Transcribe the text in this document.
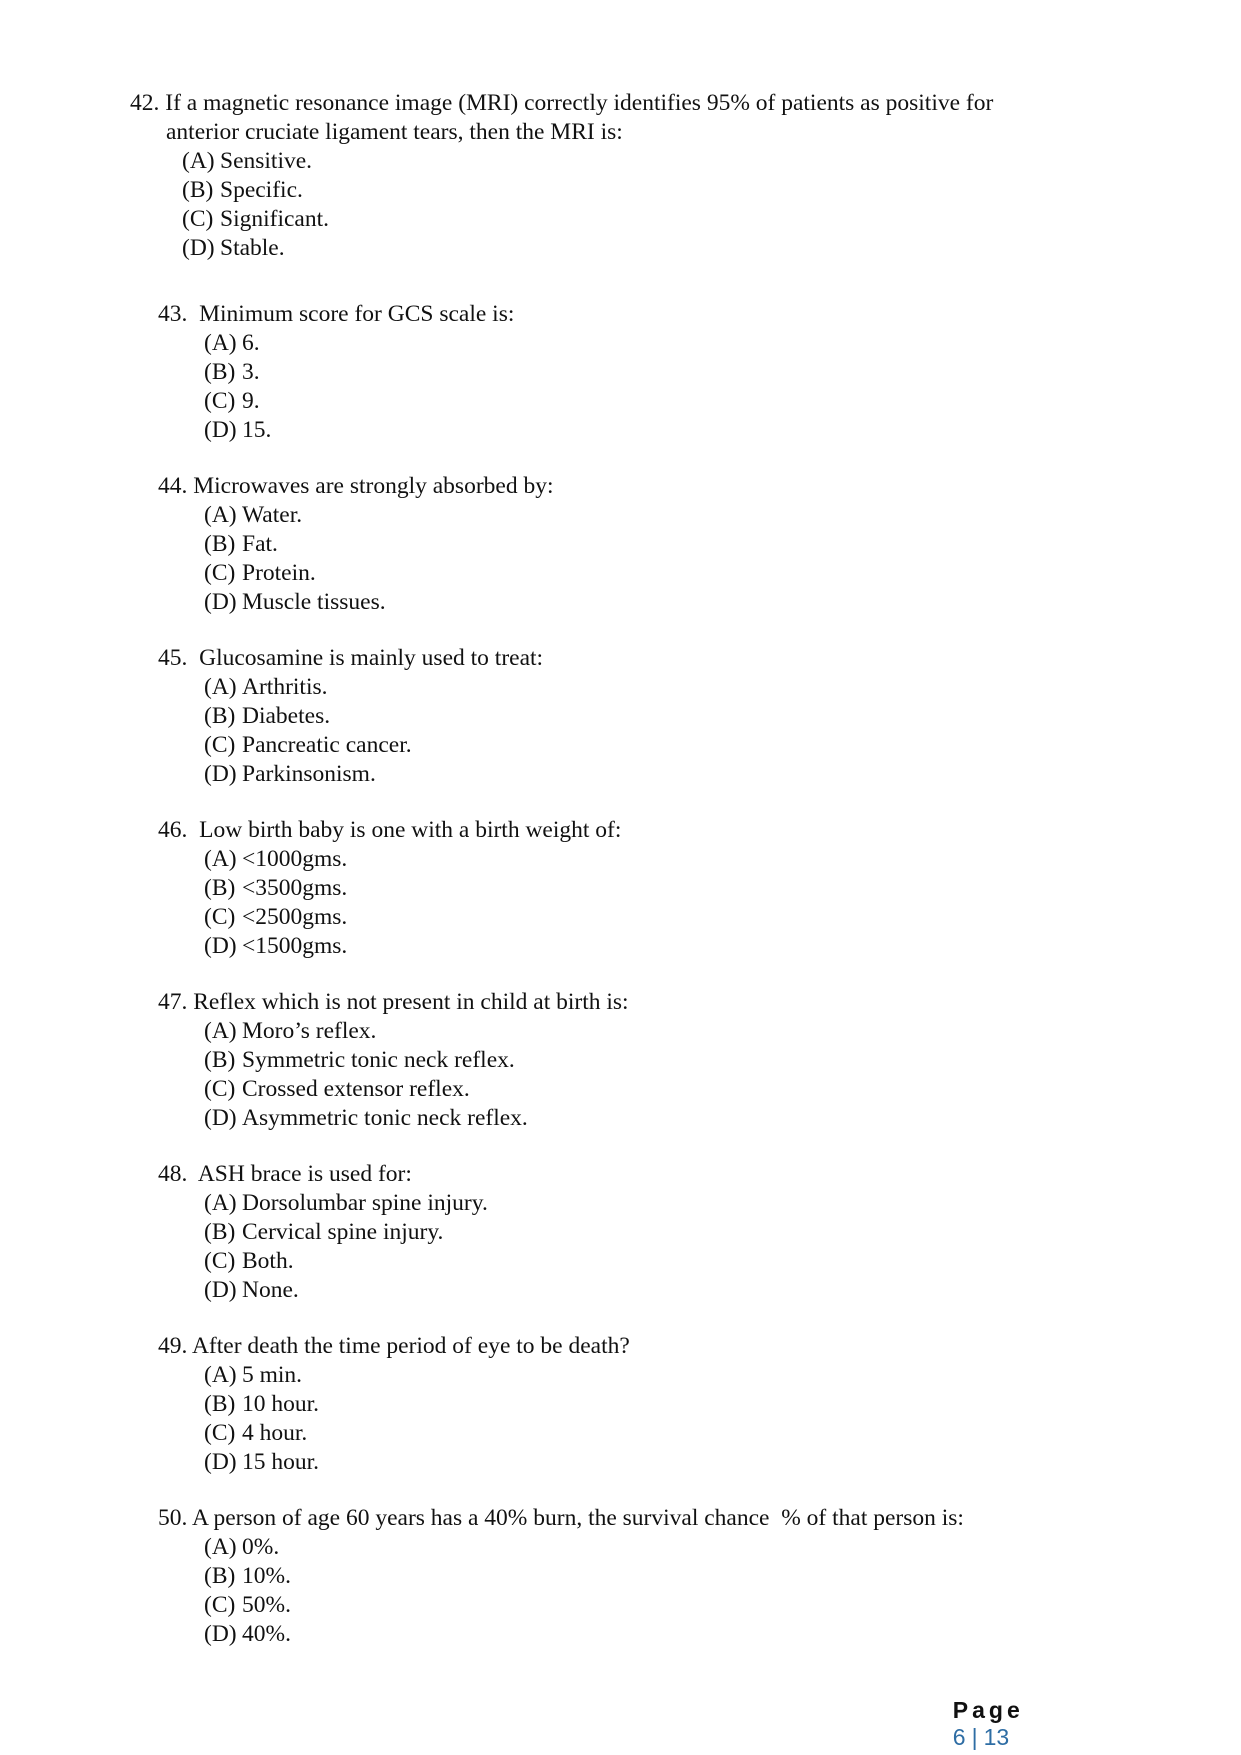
42. If a magnetic resonance image (MRI) correctly identifies 95% of patients as positive for
anterior cruciate ligament tears, then the MRI is:
(A) Sensitive.
(B) Specific.
(C) Significant.
(D) Stable.
43.  Minimum score for GCS scale is:
(A) 6.
(B) 3.
(C) 9.
(D) 15.
44. Microwaves are strongly absorbed by:
(A) Water.
(B) Fat.
(C) Protein.
(D) Muscle tissues.
45.  Glucosamine is mainly used to treat:
(A) Arthritis.
(B) Diabetes.
(C) Pancreatic cancer.
(D) Parkinsonism.
46.  Low birth baby is one with a birth weight of:
(A) <1000gms.
(B) <3500gms.
(C) <2500gms.
(D) <1500gms.
47. Reflex which is not present in child at birth is:
(A) Moro’s reflex.
(B) Symmetric tonic neck reflex.
(C) Crossed extensor reflex.
(D) Asymmetric tonic neck reflex.
48.  ASH brace is used for:
(A) Dorsolumbar spine injury.
(B) Cervical spine injury.
(C) Both.
(D) None.
49. After death the time period of eye to be death?
(A) 5 min.
(B) 10 hour.
(C) 4 hour.
(D) 15 hour.
50. A person of age 60 years has a 40% burn, the survival chance  % of that person is:
(A) 0%.
(B) 10%.
(C) 50%.
(D) 40%.

Page
6 | 13
